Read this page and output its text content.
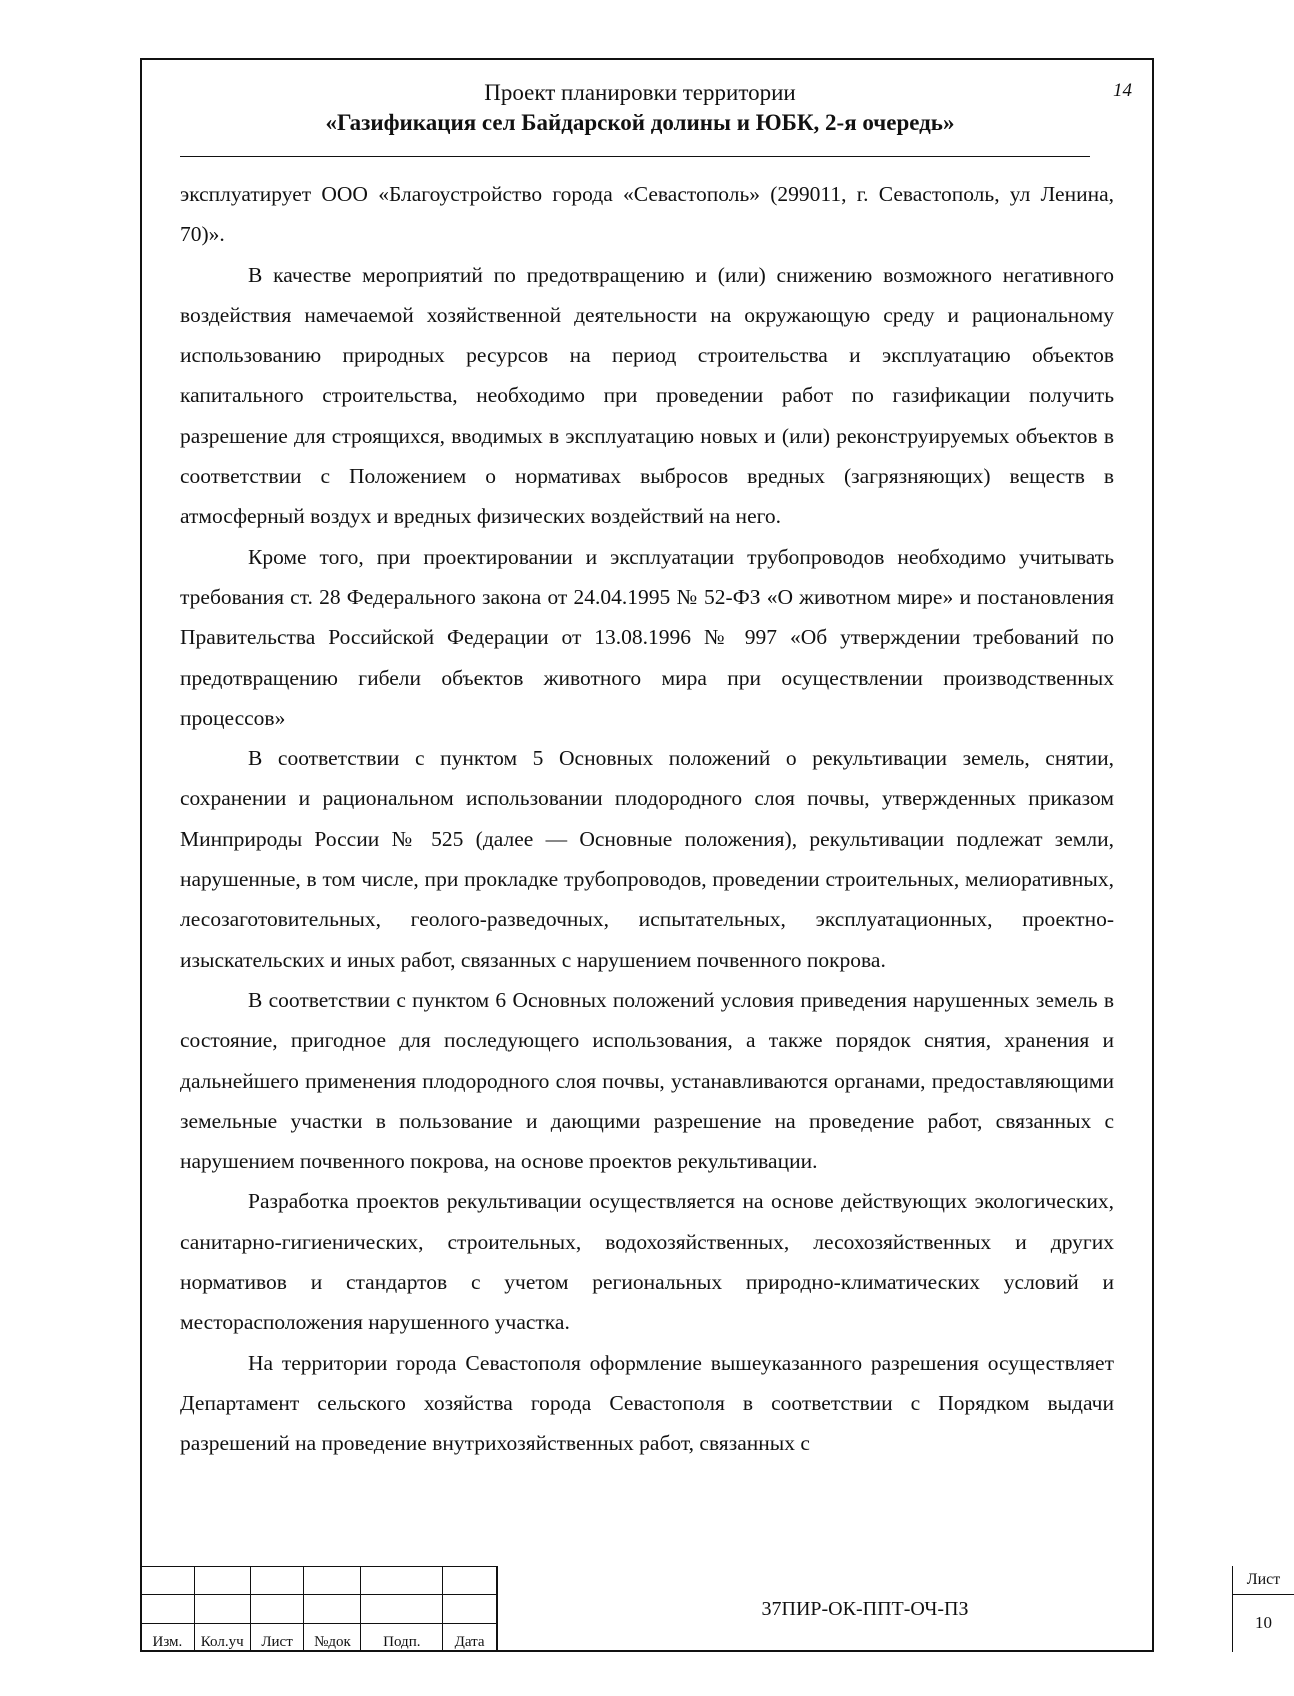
14
Проект планировки территории
«Газификация сел Байдарской долины и ЮБК, 2-я очередь»

эксплуатирует ООО «Благоустройство города «Севастополь» (299011, г. Севастополь, ул Ленина, 70)».

В качестве мероприятий по предотвращению и (или) снижению возможного негативного воздействия намечаемой хозяйственной деятельности на окружающую среду и рациональному использованию природных ресурсов на период строительства и эксплуатацию объектов капитального строительства, необходимо при проведении работ по газификации получить разрешение для строящихся, вводимых в эксплуатацию новых и (или) реконструируемых объектов в соответствии с Положением о нормативах выбросов вредных (загрязняющих) веществ в атмосферный воздух и вредных физических воздействий на него.

Кроме того, при проектировании и эксплуатации трубопроводов необходимо учитывать требования ст. 28 Федерального закона от 24.04.1995 № 52-ФЗ «О животном мире» и постановления Правительства Российской Федерации от 13.08.1996 № 997 «Об утверждении требований по предотвращению гибели объектов животного мира при осуществлении производственных процессов»

В соответствии с пунктом 5 Основных положений о рекультивации земель, снятии, сохранении и рациональном использовании плодородного слоя почвы, утвержденных приказом Минприроды России № 525 (далее — Основные положения), рекультивации подлежат земли, нарушенные, в том числе, при прокладке трубопроводов, проведении строительных, мелиоративных, лесозаготовительных, геолого-разведочных, испытательных, эксплуатационных, проектно-изыскательских и иных работ, связанных с нарушением почвенного покрова.

В соответствии с пунктом 6 Основных положений условия приведения нарушенных земель в состояние, пригодное для последующего использования, а также порядок снятия, хранения и дальнейшего применения плодородного слоя почвы, устанавливаются органами, предоставляющими земельные участки в пользование и дающими разрешение на проведение работ, связанных с нарушением почвенного покрова, на основе проектов рекультивации.

Разработка проектов рекультивации осуществляется на основе действующих экологических, санитарно-гигиенических, строительных, водохозяйственных, лесохозяйственных и других нормативов и стандартов с учетом региональных природно-климатических условий и месторасположения нарушенного участка.

На территории города Севастополя оформление вышеуказанного разрешения осуществляет Департамент сельского хозяйства города Севастополя в соответствии с Порядком выдачи разрешений на проведение внутрихозяйственных работ, связанных с

Изм.	Кол.уч	Лист	№док	Подп.	Дата
37ПИР-ОК-ППТ-ОЧ-ПЗ
Лист
10
